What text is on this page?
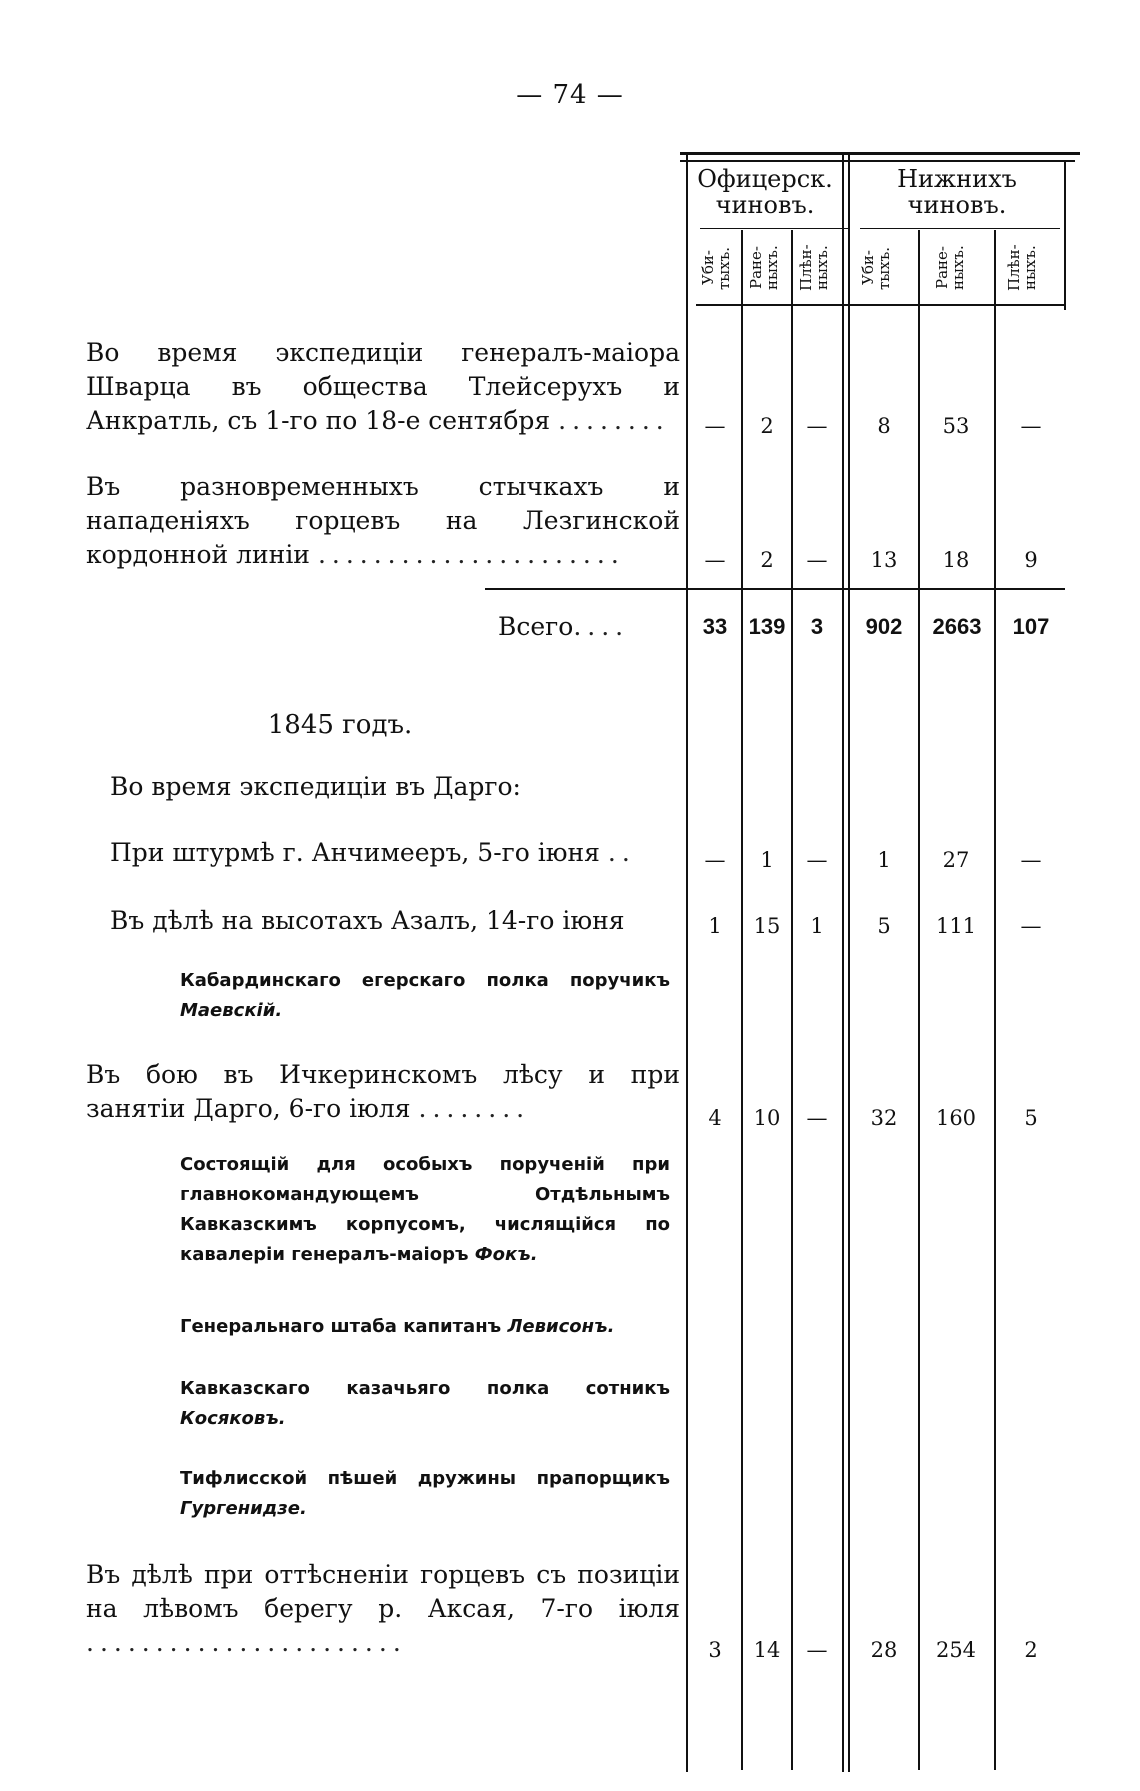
— 74 —
Офицерск. чиновъ.
Нижнихъ чиновъ.
Уби-тыхъ. Ране-ныхъ.	Плѣн-ныхъ.	Уби-тыхъ.	Ране-ныхъ.	Плѣн-ныхъ.
Во время экспедиціи генералъ-маіора Шварца въ общества Тлейсерухъ и Анкратль, съ 1-го по 18-е сентября ........	—	2	—	8	53	—
Въ разновременныхъ стычкахъ и нападеніяхъ горцевъ на Лезгинской кордонной линіи ......................	—	2	—	13	18	9
Всего....	33 139	3	902	2663	107
1845 годъ.
Во время экспедиціи въ Дарго:
При штурмѣ г. Анчимееръ, 5-го іюня ..	—	1	—	1	27	—
Въ дѣлѣ на высотахъ Азалъ, 14-го іюня	1	15	1	5	111	—
Кабардинскаго егерскаго полка поручикъ Маевскій.
Въ бою въ Ичкеринскомъ лѣсу и при занятіи Дарго, 6-го іюля ........	4	10	—	32	160	5
Состоящій для особыхъ порученій при главнокомандующемъ Отдѣльнымъ Кавказскимъ корпусомъ, числящійся по кавалеріи генералъ-маіоръ Фокъ.
Генеральнаго штаба капитанъ Левисонъ.
Кавказскаго казачьяго полка сотникъ Косяковъ.
Тифлисской пѣшей дружины прапорщикъ Гургенидзе.
Въ дѣлѣ при оттѣсненіи горцевъ съ позиціи на лѣвомъ берегу р. Аксая, 7-го іюля .......................	3	14	—	28	254	2
